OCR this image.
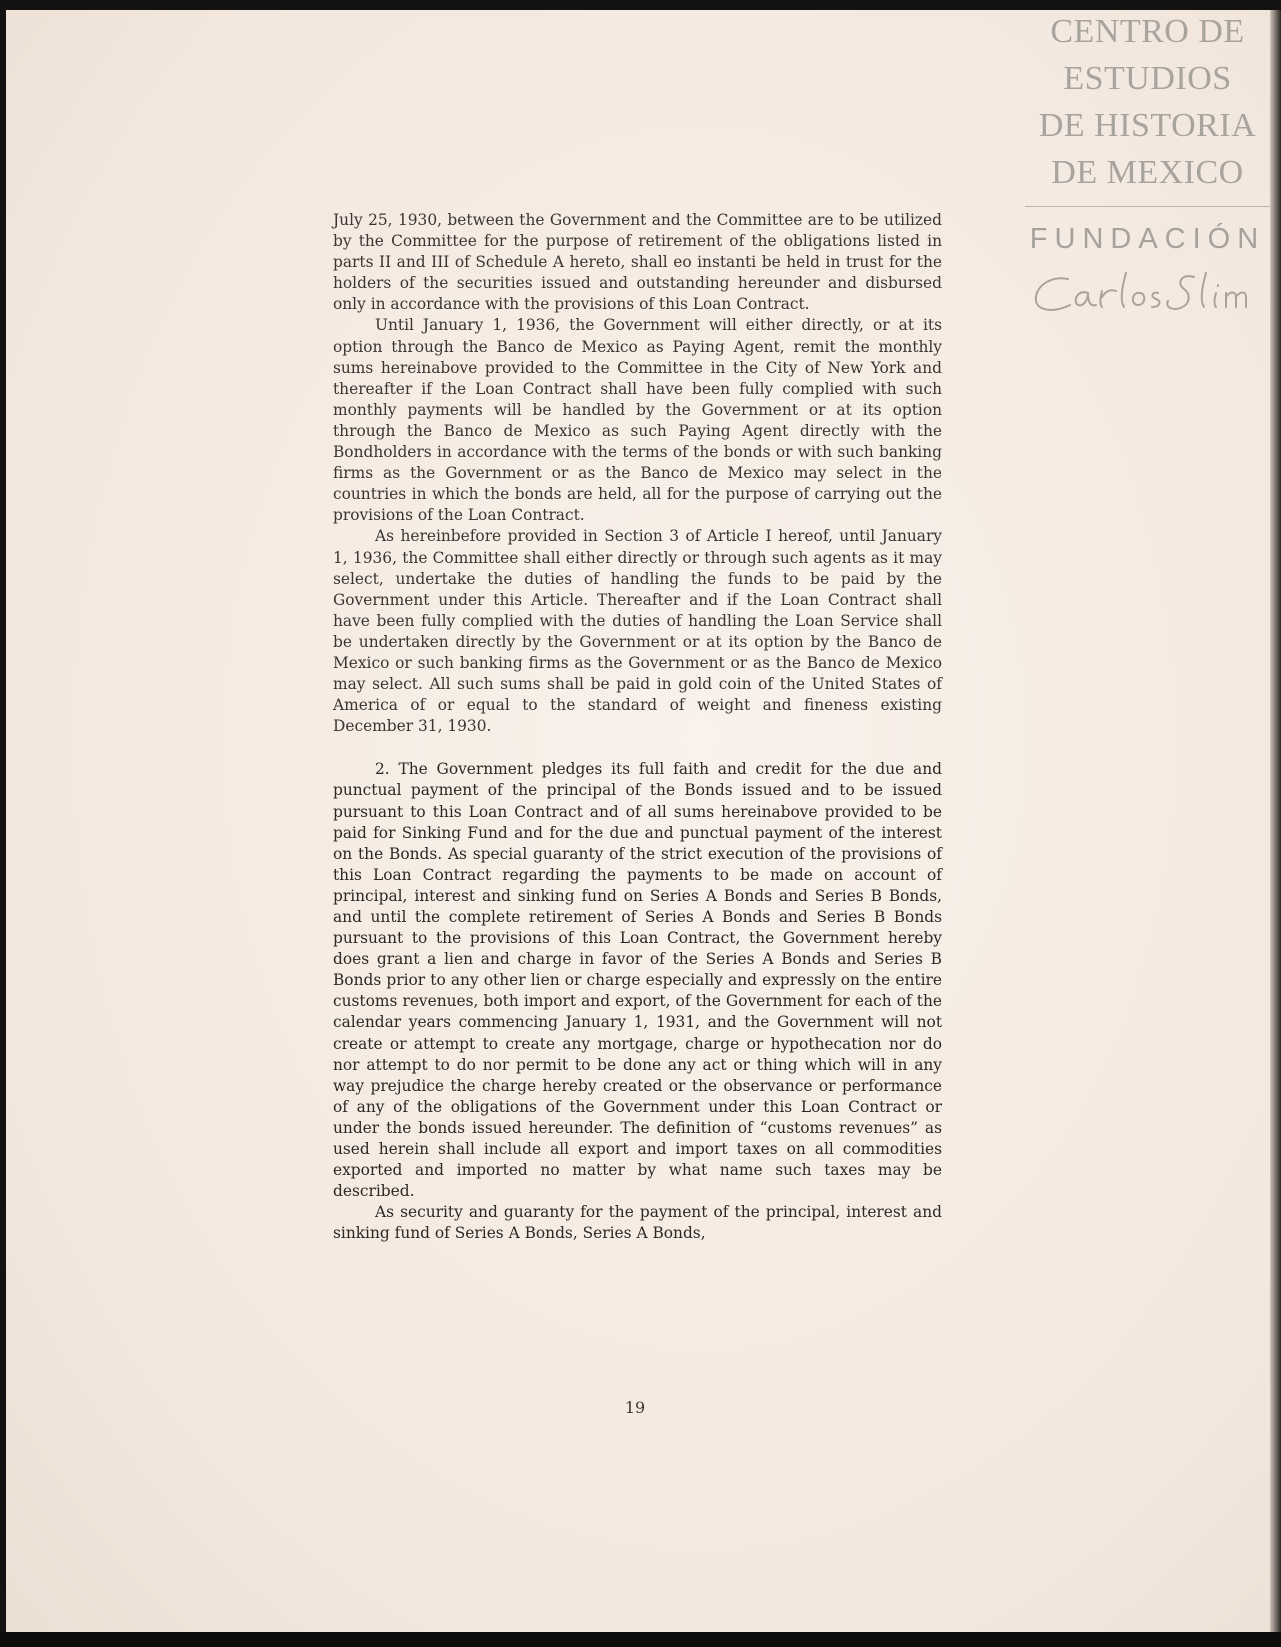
CENTRO DE
ESTUDIOS
DE HISTORIA
DE MEXICO
FUNDACIÓN

July 25, 1930, between the Government and the Committee are to be utilized by the Committee for the purpose of retirement of the obligations listed in parts II and III of Schedule A hereto, shall eo instanti be held in trust for the holders of the securities issued and outstanding hereunder and disbursed only in accordance with the provisions of this Loan Contract.

Until January 1, 1936, the Government will either directly, or at its option through the Banco de Mexico as Paying Agent, remit the monthly sums hereinabove provided to the Committee in the City of New York and thereafter if the Loan Contract shall have been fully complied with such monthly payments will be handled by the Government or at its option through the Banco de Mexico as such Paying Agent directly with the Bondholders in accordance with the terms of the bonds or with such banking firms as the Government or as the Banco de Mexico may select in the countries in which the bonds are held, all for the purpose of carrying out the provisions of the Loan Contract.

As hereinbefore provided in Section 3 of Article I hereof, until January 1, 1936, the Committee shall either directly or through such agents as it may select, undertake the duties of handling the funds to be paid by the Government under this Article. Thereafter and if the Loan Contract shall have been fully complied with the duties of handling the Loan Service shall be undertaken directly by the Government or at its option by the Banco de Mexico or such banking firms as the Government or as the Banco de Mexico may select. All such sums shall be paid in gold coin of the United States of America of or equal to the standard of weight and fineness existing December 31, 1930.

2. The Government pledges its full faith and credit for the due and punctual payment of the principal of the Bonds issued and to be issued pursuant to this Loan Contract and of all sums hereinabove provided to be paid for Sinking Fund and for the due and punctual payment of the interest on the Bonds. As special guaranty of the strict execution of the provisions of this Loan Contract regarding the payments to be made on account of principal, interest and sinking fund on Series A Bonds and Series B Bonds, and until the complete retirement of Series A Bonds and Series B Bonds pursuant to the provisions of this Loan Contract, the Government hereby does grant a lien and charge in favor of the Series A Bonds and Series B Bonds prior to any other lien or charge especially and expressly on the entire customs revenues, both import and export, of the Government for each of the calendar years commencing January 1, 1931, and the Government will not create or attempt to create any mortgage, charge or hypothecation nor do nor attempt to do nor permit to be done any act or thing which will in any way prejudice the charge hereby created or the observance or performance of any of the obligations of the Government under this Loan Contract or under the bonds issued hereunder. The definition of “customs revenues” as used herein shall include all export and import taxes on all commodities exported and imported no matter by what name such taxes may be described.

As security and guaranty for the payment of the principal, interest and sinking fund of Series A Bonds, Series A Bonds,

19
